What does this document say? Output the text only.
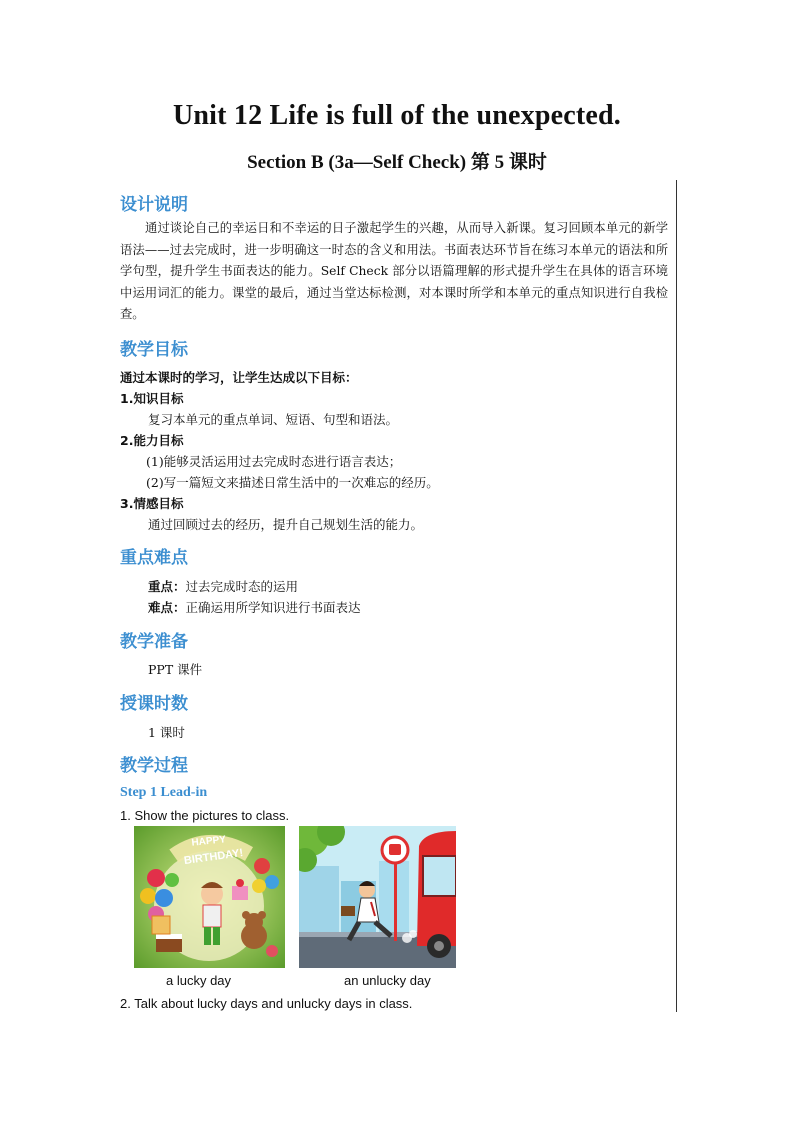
Unit 12 Life is full of the unexpected.
Section B (3a—Self Check) 第 5 课时
设计说明
通过谈论自己的幸运日和不幸运的日子激起学生的兴趣，从而导入新课。复习回顾本单元的新学语法——过去完成时，进一步明确这一时态的含义和用法。书面表达环节旨在练习本单元的语法和所学句型，提升学生书面表达的能力。Self Check 部分以语篇理解的形式提升学生在具体的语言环境中运用词汇的能力。课堂的最后，通过当堂达标检测，对本课时所学和本单元的重点知识进行自我检查。
教学目标
通过本课时的学习，让学生达成以下目标：
1.知识目标
复习本单元的重点单词、短语、句型和语法。
2.能力目标
(1)能够灵活运用过去完成时态进行语言表达；
(2)写一篇短文来描述日常生活中的一次难忘的经历。
3.情感目标
通过回顾过去的经历，提升自己规划生活的能力。
重点难点
重点：过去完成时态的运用
难点：正确运用所学知识进行书面表达
教学准备
PPT 课件
授课时数
1 课时
教学过程
Step 1 Lead-in
1. Show the pictures to class.
HAPPY
BIRTHDAY!
a lucky day	an unlucky day
2. Talk about lucky days and unlucky days in class.
